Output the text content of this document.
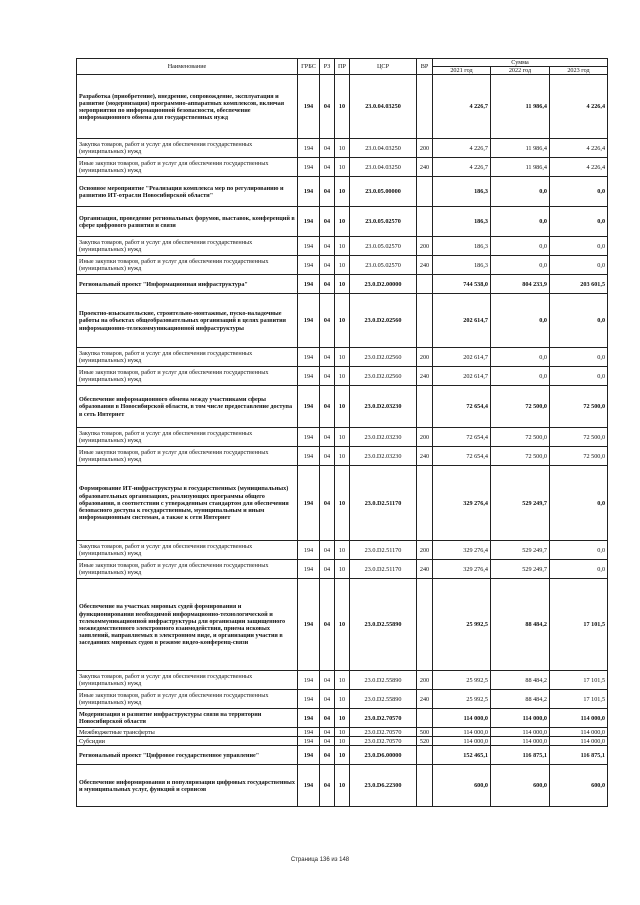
Наименование	ГРБС	РЗ	ПР	ЦСР	ВР	Сумма		
						2021 год	2022 год	2023 год
Разработка (приобретение), внедрение, сопровождение, эксплуатация и развитие (модернизация) программно-аппаратных комплексов, включая мероприятия по информационной безопасности, обеспечение информационного обмена для государственных нужд	194	04	10	23.0.04.03250		4 226,7	11 986,4	4 226,4
Закупка товаров, работ и услуг для обеспечения государственных (муниципальных) нужд	194	04	10	23.0.04.03250	200	4 226,7	11 986,4	4 226,4
Иные закупки товаров, работ и услуг для обеспечения государственных (муниципальных) нужд	194	04	10	23.0.04.03250	240	4 226,7	11 986,4	4 226,4
Основное мероприятие "Реализация комплекса мер по регулированию и развитию ИТ-отрасли Новосибирской области"	194	04	10	23.0.05.00000		186,3	0,0	0,0
Организация, проведение региональных форумов, выставок, конференций в сфере цифрового развития и связи	194	04	10	23.0.05.02570		186,3	0,0	0,0
Закупка товаров, работ и услуг для обеспечения государственных (муниципальных) нужд	194	04	10	23.0.05.02570	200	186,3	0,0	0,0
Иные закупки товаров, работ и услуг для обеспечения государственных (муниципальных) нужд	194	04	10	23.0.05.02570	240	186,3	0,0	0,0
Региональный проект "Информационная инфраструктура"	194	04	10	23.0.D2.00000		744 538,0	804 233,9	203 601,5
Проектно-изыскательские, строительно-монтажные, пуско-наладочные работы на объектах общеобразовательных организаций в целях развития информационно-телекоммуникационной инфраструктуры	194	04	10	23.0.D2.02560		202 614,7	0,0	0,0
Закупка товаров, работ и услуг для обеспечения государственных (муниципальных) нужд	194	04	10	23.0.D2.02560	200	202 614,7	0,0	0,0
Иные закупки товаров, работ и услуг для обеспечения государственных (муниципальных) нужд	194	04	10	23.0.D2.02560	240	202 614,7	0,0	0,0
Обеспечение информационного обмена между участниками сферы образования в Новосибирской области, в том числе предоставление доступа в сеть Интернет	194	04	10	23.0.D2.03230		72 654,4	72 500,0	72 500,0
Закупка товаров, работ и услуг для обеспечения государственных (муниципальных) нужд	194	04	10	23.0.D2.03230	200	72 654,4	72 500,0	72 500,0
Иные закупки товаров, работ и услуг для обеспечения государственных (муниципальных) нужд	194	04	10	23.0.D2.03230	240	72 654,4	72 500,0	72 500,0
Формирование ИТ-инфраструктуры в государственных (муниципальных) образовательных организациях, реализующих программы общего образования, в соответствии с утвержденным стандартом для обеспечения безопасного доступа к государственным, муниципальным и иным информационным системам, а также к сети Интернет	194	04	10	23.0.D2.51170		329 276,4	529 249,7	0,0
Закупка товаров, работ и услуг для обеспечения государственных (муниципальных) нужд	194	04	10	23.0.D2.51170	200	329 276,4	529 249,7	0,0
Иные закупки товаров, работ и услуг для обеспечения государственных (муниципальных) нужд	194	04	10	23.0.D2.51170	240	329 276,4	529 249,7	0,0
Обеспечение на участках мировых судей формирования и функционирования необходимой информационно-технологической и телекоммуникационной инфраструктуры для организации защищенного межведомственного электронного взаимодействия, приема исковых заявлений, направляемых в электронном виде, и организации участия в заседаниях мировых судов в режиме видео-конференц-связи	194	04	10	23.0.D2.55890		25 992,5	88 484,2	17 101,5
Закупка товаров, работ и услуг для обеспечения государственных (муниципальных) нужд	194	04	10	23.0.D2.55890	200	25 992,5	88 484,2	17 101,5
Иные закупки товаров, работ и услуг для обеспечения государственных (муниципальных) нужд	194	04	10	23.0.D2.55890	240	25 992,5	88 484,2	17 101,5
Модернизация и развитие инфраструктуры связи на территории Новосибирской области	194	04	10	23.0.D2.70570		114 000,0	114 000,0	114 000,0
Межбюджетные трансферты	194	04	10	23.0.D2.70570	500	114 000,0	114 000,0	114 000,0
Субсидии	194	04	10	23.0.D2.70570	520	114 000,0	114 000,0	114 000,0
Региональный проект "Цифровое государственное управление"	194	04	10	23.0.D6.00000		152 465,1	116 875,1	116 875,1
Обеспечение информирования и популяризации цифровых государственных и муниципальных услуг, функций и сервисов	194	04	10	23.0.D6.22300		600,0	600,0	600,0
Страница 136 из 148
